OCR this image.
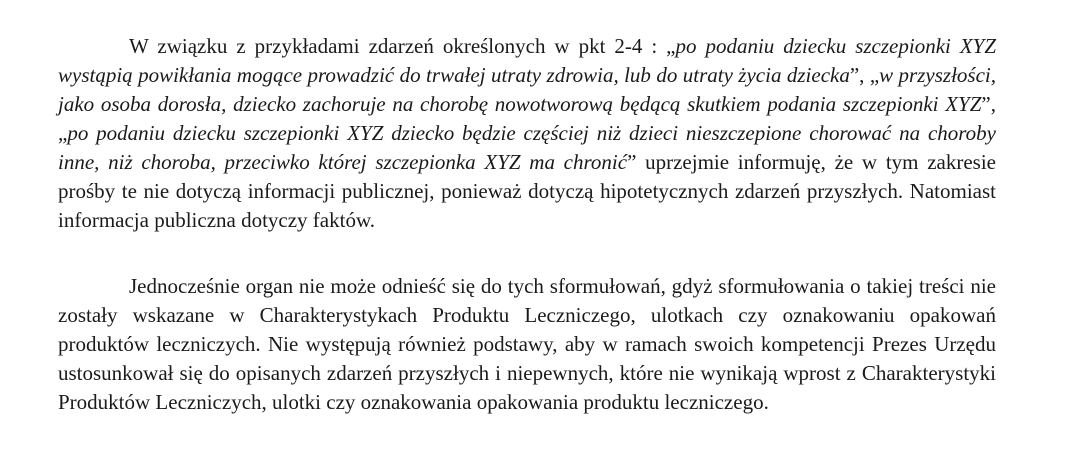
W związku z przykładami zdarzeń określonych w pkt 2-4 : „po podaniu dziecku szczepionki XYZ wystąpią powikłania mogące prowadzić do trwałej utraty zdrowia, lub do utraty życia dziecka”, „w przyszłości, jako osoba dorosła, dziecko zachoruje na chorobę nowotworową będącą skutkiem podania szczepionki XYZ”, „po podaniu dziecku szczepionki XYZ dziecko będzie częściej niż dzieci nieszczepione chorować na choroby inne, niż choroba, przeciwko której szczepionka XYZ ma chronić” uprzejmie informuję, że w tym zakresie prośby te nie dotyczą informacji publicznej, ponieważ dotyczą hipotetycznych zdarzeń przyszłych. Natomiast informacja publiczna dotyczy faktów.

Jednocześnie organ nie może odnieść się do tych sformułowań, gdyż sformułowania o takiej treści nie zostały wskazane w Charakterystykach Produktu Leczniczego, ulotkach czy oznakowaniu opakowań produktów leczniczych. Nie występują również podstawy, aby w ramach swoich kompetencji Prezes Urzędu ustosunkował się do opisanych zdarzeń przyszłych i niepewnych, które nie wynikają wprost z Charakterystyki Produktów Leczniczych, ulotki czy oznakowania opakowania produktu leczniczego.
